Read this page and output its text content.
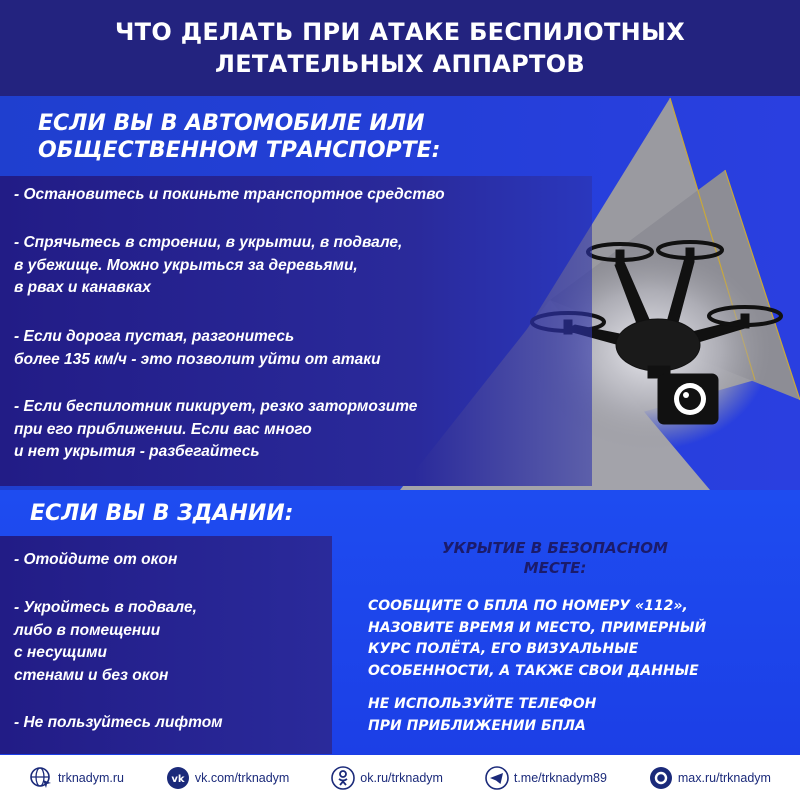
ЧТО ДЕЛАТЬ ПРИ АТАКЕ БЕСПИЛОТНЫХ
ЛЕТАТЕЛЬНЫХ АППАРТОВ
ЕСЛИ ВЫ В АВТОМОБИЛЕ ИЛИ
ОБЩЕСТВЕННОМ ТРАНСПОРТЕ:
- Остановитесь и покиньте транспортное средство
- Спрячьтесь в строении, в укрытии, в подвале,
в убежище. Можно укрыться за деревьями,
в рвах и канавках
- Если дорога пустая, разгонитесь
более 135 км/ч - это позволит уйти от атаки
- Если беспилотник пикирует, резко затормозите
при его приближении. Если вас много
и нет укрытия - разбегайтесь
ЕСЛИ ВЫ В ЗДАНИИ:
- Отойдите от окон
- Укройтесь в подвале,
либо в помещении
с несущими
стенами и без окон
- Не пользуйтесь лифтом
УКРЫТИЕ В БЕЗОПАСНОМ
МЕСТЕ:
СООБЩИТЕ О БПЛА ПО НОМЕРУ «112»,
НАЗОВИТЕ ВРЕМЯ И МЕСТО, ПРИМЕРНЫЙ
КУРС ПОЛЁТА, ЕГО ВИЗУАЛЬНЫЕ
ОСОБЕННОСТИ, А ТАКЖЕ СВОИ ДАННЫЕ
НЕ ИСПОЛЬЗУЙТЕ ТЕЛЕФОН
ПРИ ПРИБЛИЖЕНИИ БПЛА
trknadym.ru	vk vk.com/trknadym	ok.ru/trknadym	t.me/trknadym89	max.ru/trknadym
